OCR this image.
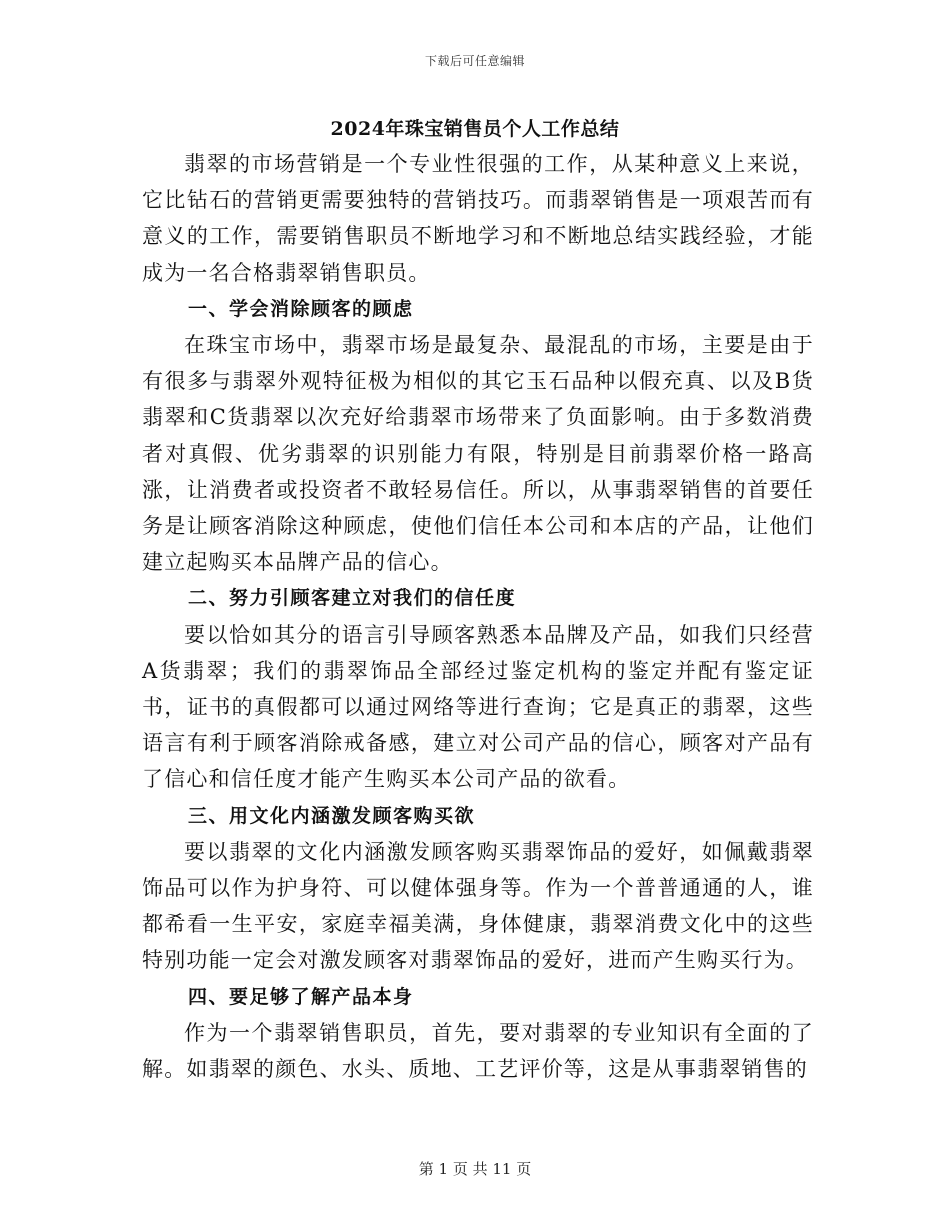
下载后可任意编辑
2024年珠宝销售员个人工作总结

翡翠的市场营销是一个专业性很强的工作，从某种意义上来说，它比钻石的营销更需要独特的营销技巧。而翡翠销售是一项艰苦而有意义的工作，需要销售职员不断地学习和不断地总结实践经验，才能成为一名合格翡翠销售职员。

一、学会消除顾客的顾虑

在珠宝市场中，翡翠市场是最复杂、最混乱的市场，主要是由于有很多与翡翠外观特征极为相似的其它玉石品种以假充真、以及B货翡翠和C货翡翠以次充好给翡翠市场带来了负面影响。由于多数消费者对真假、优劣翡翠的识别能力有限，特别是目前翡翠价格一路高涨，让消费者或投资者不敢轻易信任。所以，从事翡翠销售的首要任务是让顾客消除这种顾虑，使他们信任本公司和本店的产品，让他们建立起购买本品牌产品的信心。

二、努力引顾客建立对我们的信任度

要以恰如其分的语言引导顾客熟悉本品牌及产品，如我们只经营A货翡翠；我们的翡翠饰品全部经过鉴定机构的鉴定并配有鉴定证书，证书的真假都可以通过网络等进行查询；它是真正的翡翠，这些语言有利于顾客消除戒备感，建立对公司产品的信心，顾客对产品有了信心和信任度才能产生购买本公司产品的欲看。

三、用文化内涵激发顾客购买欲

要以翡翠的文化内涵激发顾客购买翡翠饰品的爱好，如佩戴翡翠饰品可以作为护身符、可以健体强身等。作为一个普普通通的人，谁都希看一生平安，家庭幸福美满，身体健康，翡翠消费文化中的这些特别功能一定会对激发顾客对翡翠饰品的爱好，进而产生购买行为。

四、要足够了解产品本身

作为一个翡翠销售职员，首先，要对翡翠的专业知识有全面的了解。如翡翠的颜色、水头、质地、工艺评价等，这是从事翡翠销售的

第 1 页 共 11 页
